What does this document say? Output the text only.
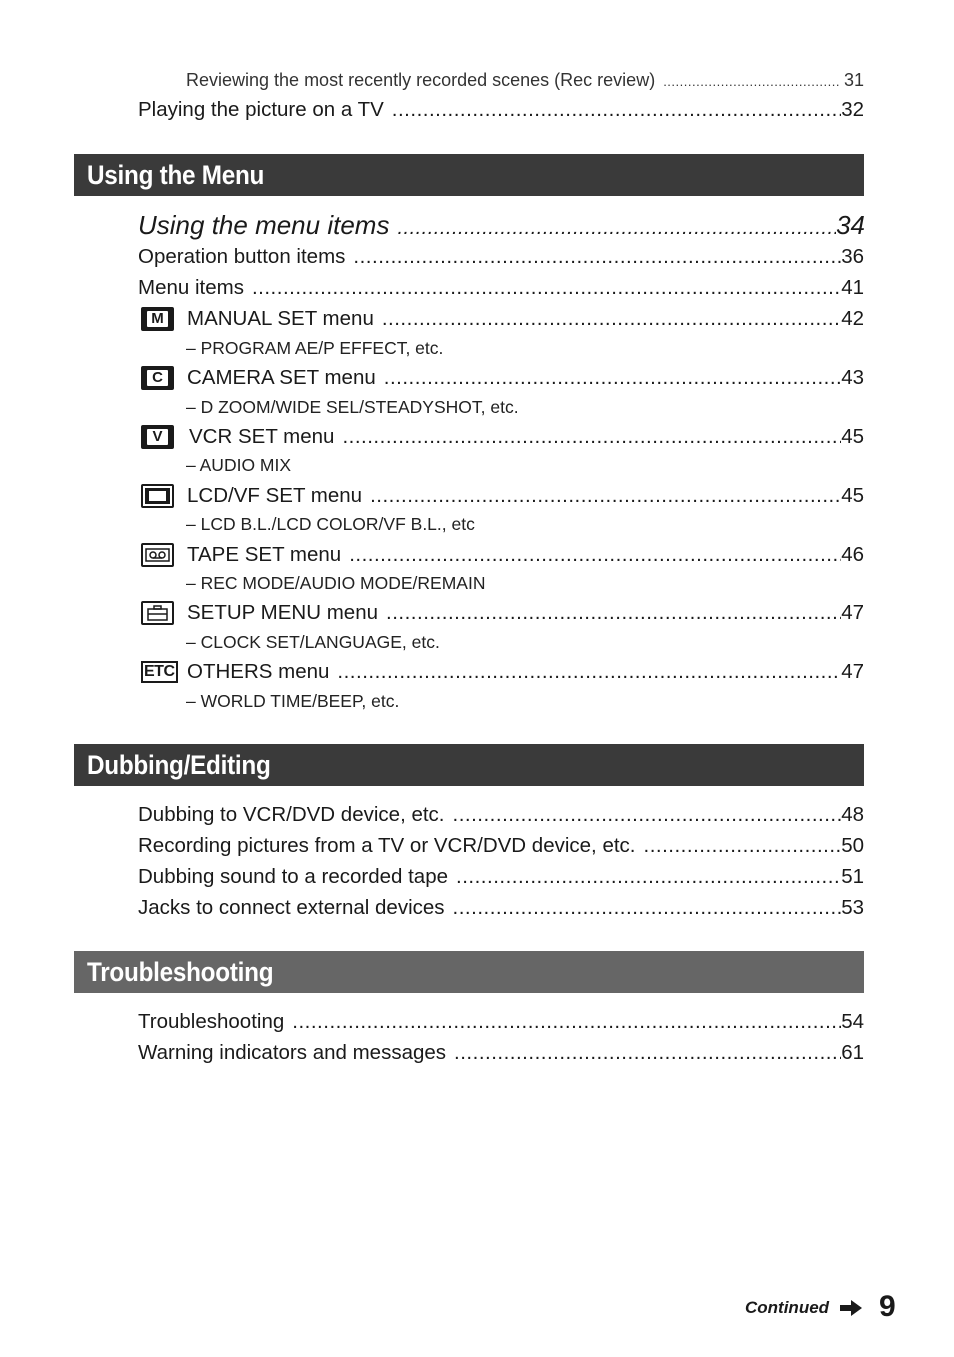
Reviewing the most recently recorded scenes (Rec review) .....	31
Playing the picture on a TV .....	32
Using the Menu
Using the menu items .....	34
Operation button items .....	36
Menu items .....	41
M MANUAL SET menu .....	42
– PROGRAM AE/P EFFECT, etc.
C CAMERA SET menu .....	43
– D ZOOM/WIDE SEL/STEADYSHOT, etc.
V VCR SET menu .....	45
– AUDIO MIX
LCD/VF SET menu .....	45
– LCD B.L./LCD COLOR/VF B.L., etc
TAPE SET menu .....	46
– REC MODE/AUDIO MODE/REMAIN
SETUP MENU menu .....	47
– CLOCK SET/LANGUAGE, etc.
ETC OTHERS menu .....	47
– WORLD TIME/BEEP, etc.
Dubbing/Editing
Dubbing to VCR/DVD device, etc. .....	48
Recording pictures from a TV or VCR/DVD device, etc. .....	50
Dubbing sound to a recorded tape .....	51
Jacks to connect external devices .....	53
Troubleshooting
Troubleshooting .....	54
Warning indicators and messages .....	61
Continued 9
